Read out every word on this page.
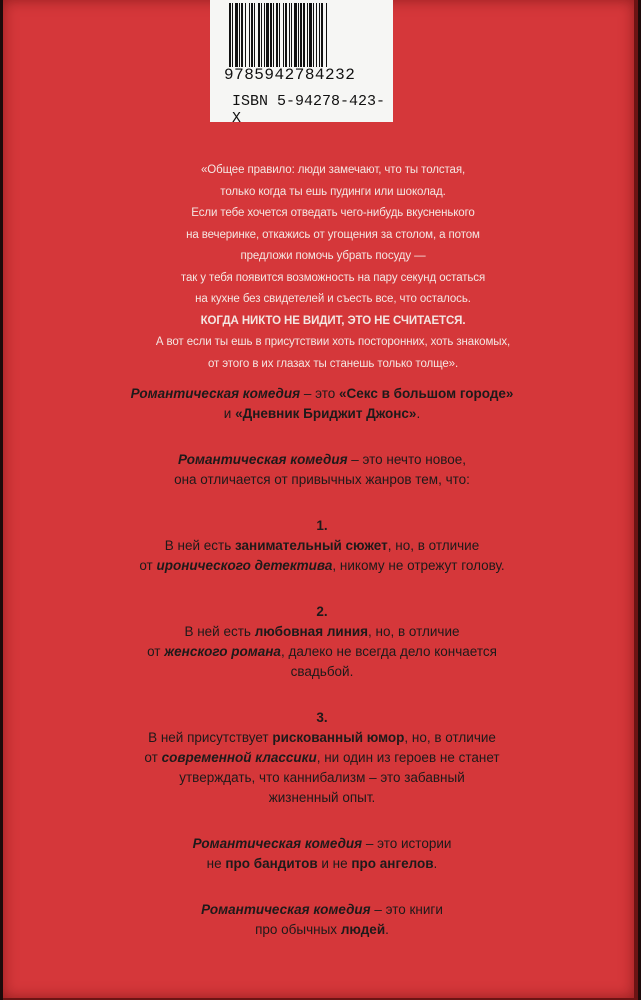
9785942784232
ISBN 5-94278-423-X
«Общее правило: люди замечают, что ты толстая,
только когда ты ешь пудинги или шоколад.
Если тебе хочется отведать чего-нибудь вкусненького
на вечеринке, откажись от угощения за столом, а потом
предложи помочь убрать посуду —
так у тебя появится возможность на пару секунд остаться
на кухне без свидетелей и съесть все, что осталось.
КОГДА НИКТО НЕ ВИДИТ, ЭТО НЕ СЧИТАЕТСЯ.
А вот если ты ешь в присутствии хоть посторонних, хоть знакомых,
от этого в их глазах ты станешь только толще».

Романтическая комедия – это «Секс в большом городе»
и «Дневник Бриджит Джонс».

Романтическая комедия – это нечто новое,
она отличается от привычных жанров тем, что:

1.

В ней есть занимательный сюжет, но, в отличие
от иронического детектива, никому не отрежут голову.

2.

В ней есть любовная линия, но, в отличие
от женского романа, далеко не всегда дело кончается
свадьбой.

3.

В ней присутствует рискованный юмор, но, в отличие
от современной классики, ни один из героев не станет
утверждать, что каннибализм – это забавный
жизненный опыт.

Романтическая комедия – это истории
не про бандитов и не про ангелов.

Романтическая комедия – это книги
про обычных людей.
